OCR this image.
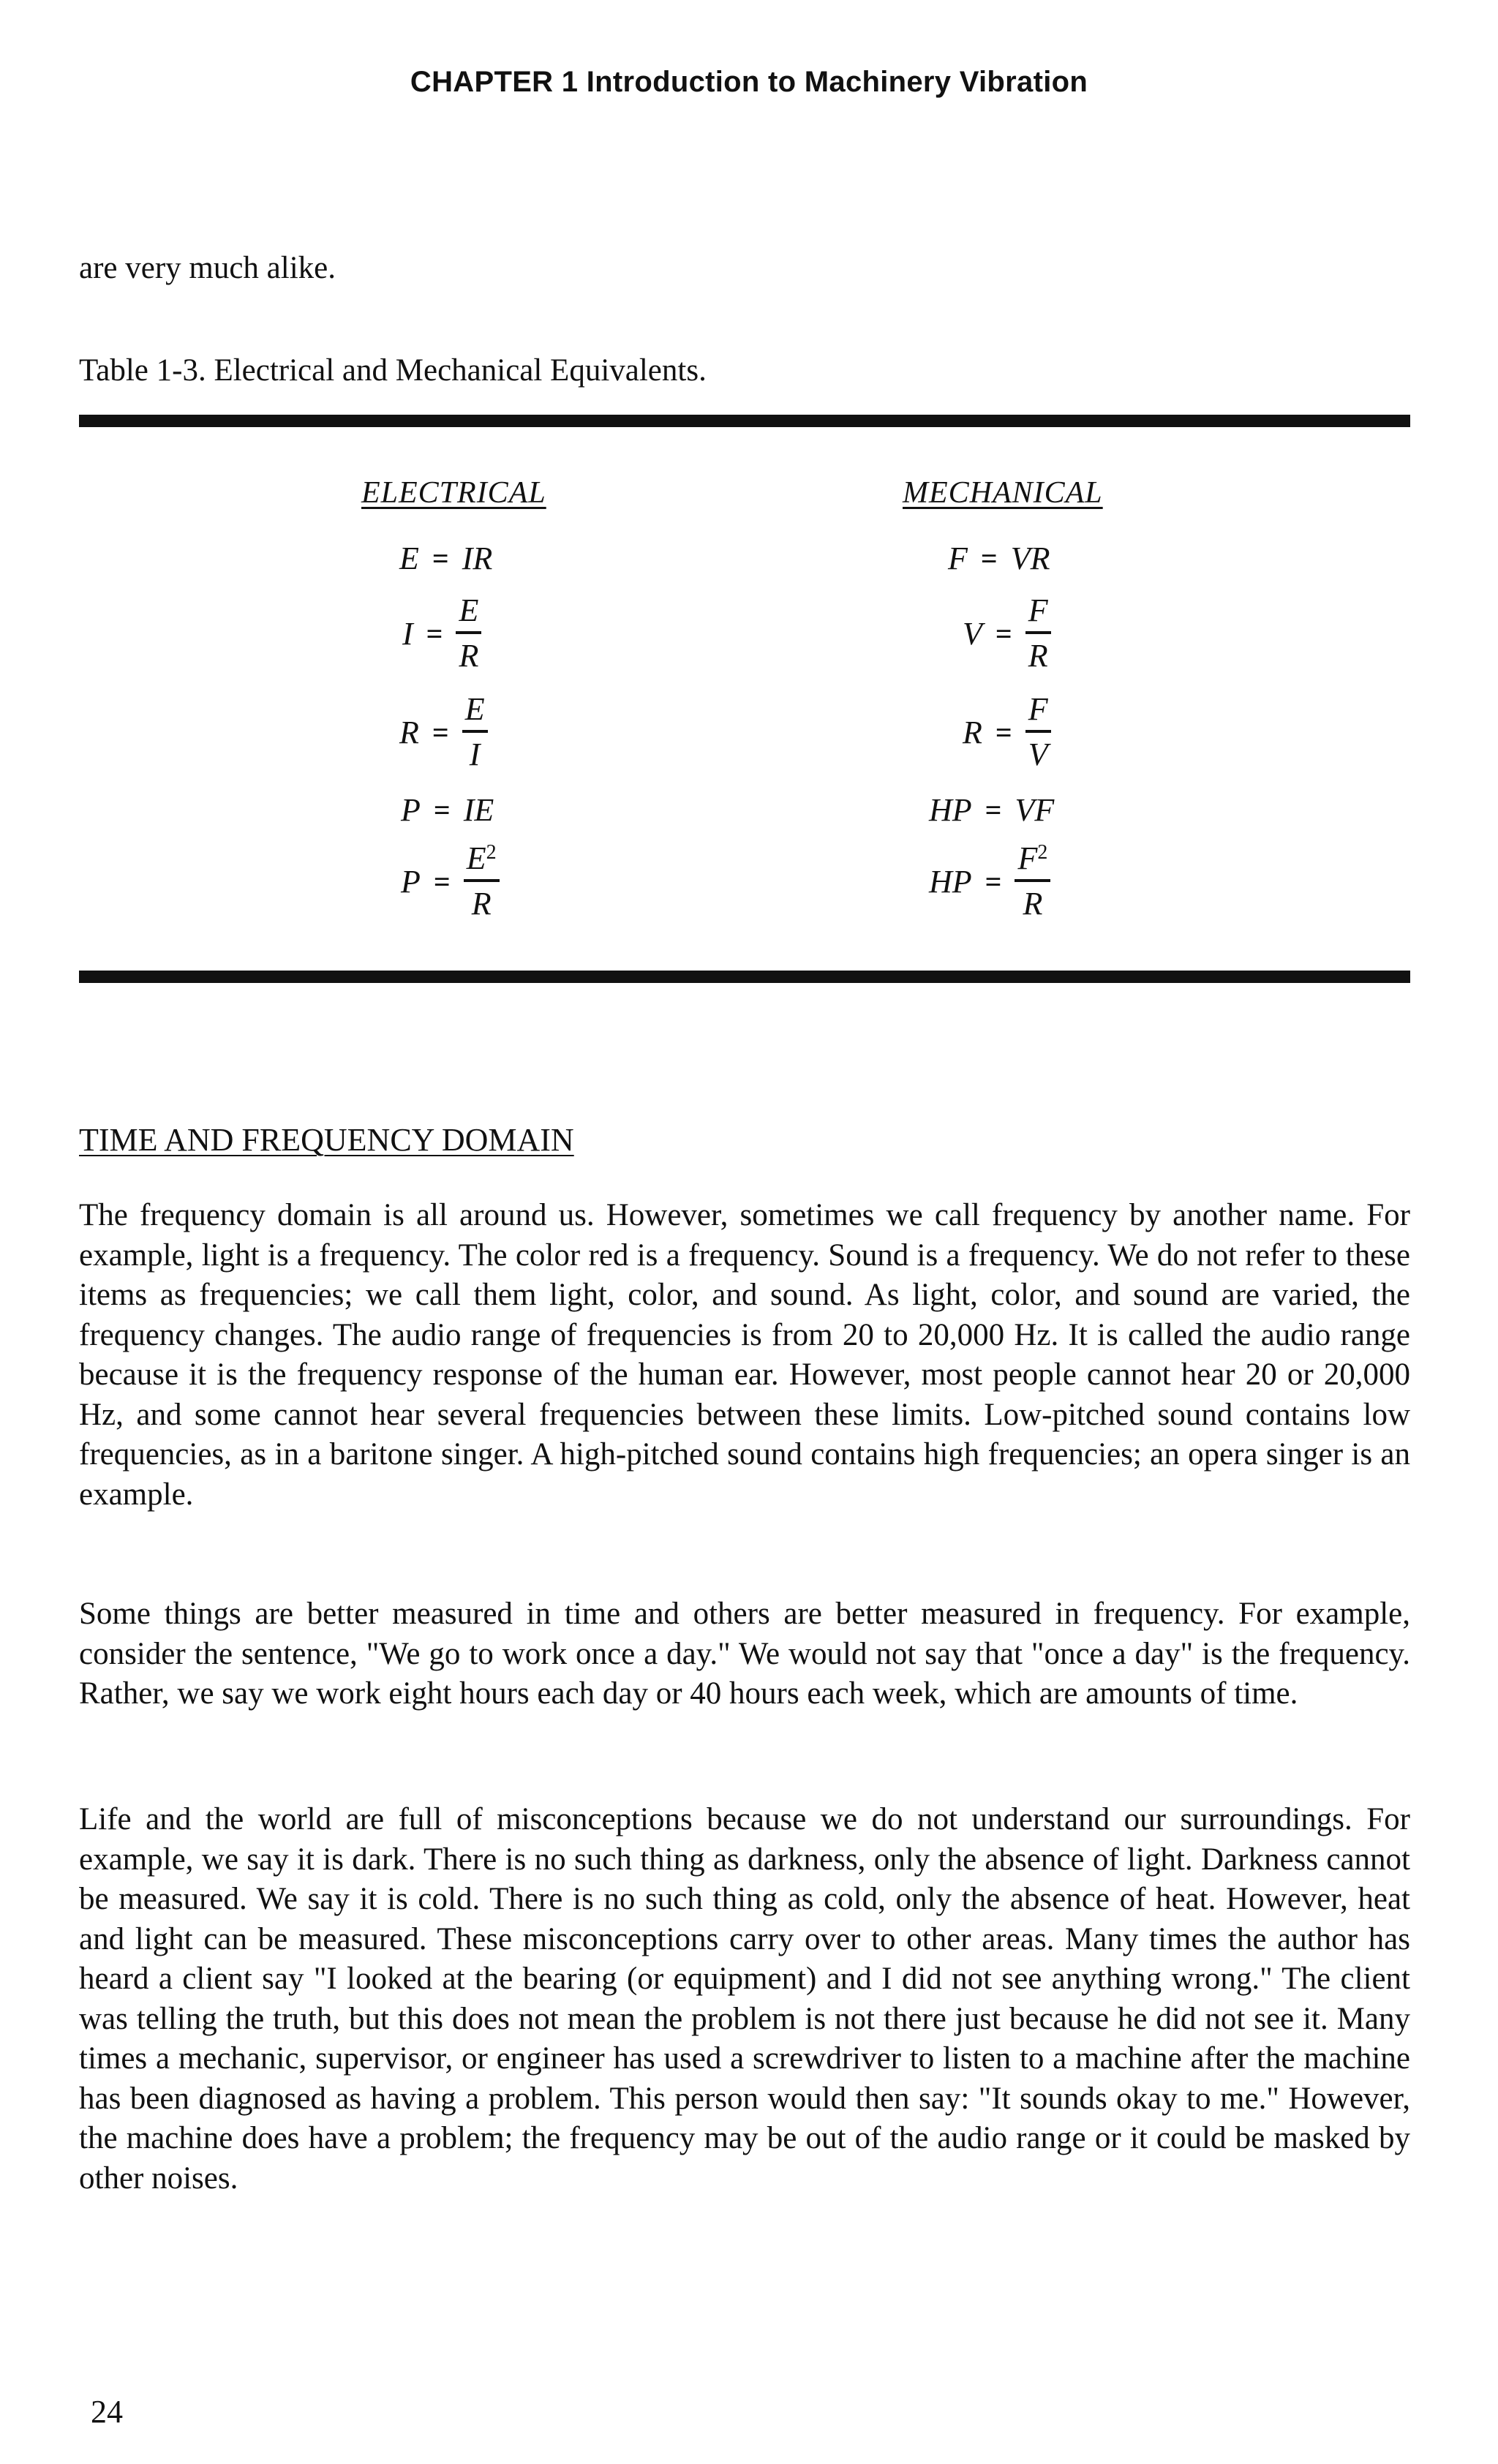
CHAPTER 1 Introduction to Machinery Vibration
are very much alike.
Table 1-3. Electrical and Mechanical Equivalents.
ELECTRICAL	MECHANICAL
E = IR
$I = \frac{E}{R}$
$R = \frac{E}{I}$
P = IE
$P = \frac{E^2}{R}$
F = VR
$V = \frac{F}{R}$
$R = \frac{F}{V}$
HP = VF
HP = $\frac{F^2}{R}$
TIME AND FREQUENCY DOMAIN
The frequency domain is all around us. However, sometimes we call frequency by another name. For example, light is a frequency. The color red is a frequency. Sound is a frequency. We do not refer to these items as frequencies; we call them light, color, and sound. As light, color, and sound are varied, the frequency changes. The audio range of frequencies is from 20 to 20,000 Hz. It is called the audio range because it is the frequency response of the human ear. However, most people cannot hear 20 or 20,000 Hz, and some cannot hear several frequencies between these limits. Low-pitched sound contains low frequencies, as in a baritone singer. A high-pitched sound contains high frequencies; an opera singer is an example.
Some things are better measured in time and others are better measured in frequency. For example, consider the sentence, "We go to work once a day." We would not say that "once a day" is the frequency. Rather, we say we work eight hours each day or 40 hours each week, which are amounts of time.
Life and the world are full of misconceptions because we do not understand our surroundings. For example, we say it is dark. There is no such thing as darkness, only the absence of light. Darkness cannot be measured. We say it is cold. There is no such thing as cold, only the absence of heat. However, heat and light can be measured. These misconceptions carry over to other areas. Many times the author has heard a client say "I looked at the bearing (or equipment) and I did not see anything wrong." The client was telling the truth, but this does not mean the problem is not there just because he did not see it. Many times a mechanic, supervisor, or engineer has used a screwdriver to listen to a machine after the machine has been diagnosed as having a problem. This person would then say: "It sounds okay to me." However, the machine does have a problem; the frequency may be out of the audio range or it could be masked by other noises.
24
